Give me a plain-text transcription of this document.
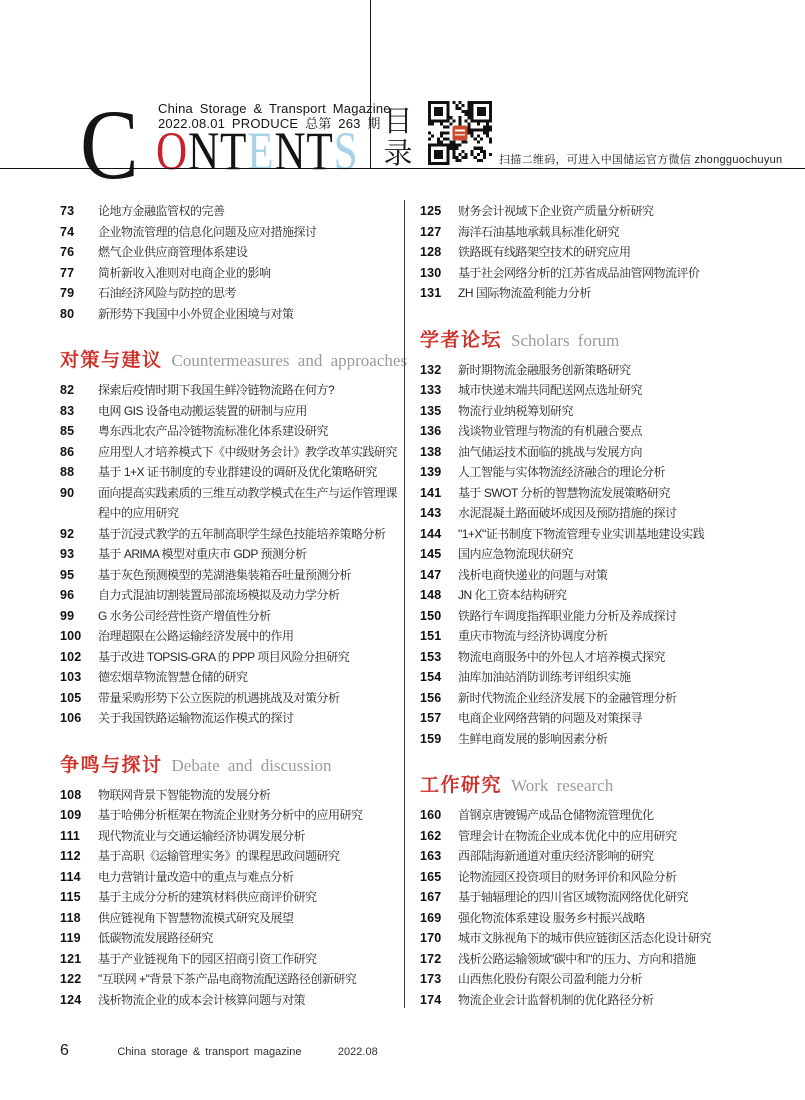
C China Storage & Transport Magazine
2022.08.01 PRODUCE 总第 263 期
ONTENTS 目
录	扫描二维码，可进入中国储运官方微信 zhongguochuyun
73	论地方金融监管权的完善
74	企业物流管理的信息化问题及应对措施探讨
76	燃气企业供应商管理体系建设
77	简析新收入准则对电商企业的影响
79	石油经济风险与防控的思考
80	新形势下我国中小外贸企业困境与对策
对策与建议 Countermeasures and approaches
82	探索后疫情时期下我国生鲜冷链物流路在何方?
83	电网 GIS 设备电动搬运装置的研制与应用
85	粤东西北农产品冷链物流标准化体系建设研究
86	应用型人才培养模式下《中级财务会计》教学改革实践研究
88	基于 1+X 证书制度的专业群建设的调研及优化策略研究
90	面向提高实践素质的三维互动教学模式在生产与运作管理课程中的应用研究
92	基于沉浸式教学的五年制高职学生绿色技能培养策略分析
93	基于 ARIMA 模型对重庆市 GDP 预测分析
95	基于灰色预测模型的芜湖港集装箱吞吐量预测分析
96	自力式混油切割装置局部流场模拟及动力学分析
99	G 水务公司经营性资产增值性分析
100	治理超限在公路运输经济发展中的作用
102	基于改进 TOPSIS-GRA 的 PPP 项目风险分担研究
103	德宏烟草物流智慧仓储的研究
105	带量采购形势下公立医院的机遇挑战及对策分析
106	关于我国铁路运输物流运作模式的探讨
争鸣与探讨 Debate and discussion
108	物联网背景下智能物流的发展分析
109	基于哈佛分析框架在物流企业财务分析中的应用研究
111	现代物流业与交通运输经济协调发展分析
112	基于高职《运输管理实务》的课程思政问题研究
114	电力营销计量改造中的重点与难点分析
115	基于主成分分析的建筑材料供应商评价研究
118	供应链视角下智慧物流模式研究及展望
119	低碳物流发展路径研究
121	基于产业链视角下的园区招商引资工作研究
122	"互联网 +"背景下茶产品电商物流配送路径创新研究
124	浅析物流企业的成本会计核算问题与对策
125	财务会计视域下企业资产质量分析研究
127	海洋石油基地承载具标准化研究
128	铁路既有线路架空技术的研究应用
130	基于社会网络分析的江苏省成品油管网物流评价
131	ZH 国际物流盈利能力分析
学者论坛 Scholars forum
132	新时期物流金融服务创新策略研究
133	城市快递末端共同配送网点选址研究
135	物流行业纳税筹划研究
136	浅谈物业管理与物流的有机融合要点
138	油气储运技术面临的挑战与发展方向
139	人工智能与实体物流经济融合的理论分析
141	基于 SWOT 分析的智慧物流发展策略研究
143	水泥混凝土路面破坏成因及预防措施的探讨
144	"1+X"证书制度下物流管理专业实训基地建设实践
145	国内应急物流现状研究
147	浅析电商快递业的问题与对策
148	JN 化工资本结构研究
150	铁路行车调度指挥职业能力分析及养成探讨
151	重庆市物流与经济协调度分析
153	物流电商服务中的外包人才培养模式探究
154	油库加油站消防训练考评组织实施
156	新时代物流企业经济发展下的金融管理分析
157	电商企业网络营销的问题及对策探寻
159	生鲜电商发展的影响因素分析
工作研究 Work research
160	首钢京唐镀锡产成品仓储物流管理优化
162	管理会计在物流企业成本优化中的应用研究
163	西部陆海新通道对重庆经济影响的研究
165	论物流园区投资项目的财务评价和风险分析
167	基于轴辐理论的四川省区域物流网络优化研究
169	强化物流体系建设 服务乡村振兴战略
170	城市文脉视角下的城市供应链街区活态化设计研究
172	浅析公路运输领域"碳中和"的压力、方向和措施
173	山西焦化股份有限公司盈利能力分析
174	物流企业会计监督机制的优化路径分析
6	China storage & transport magazine	2022.08
